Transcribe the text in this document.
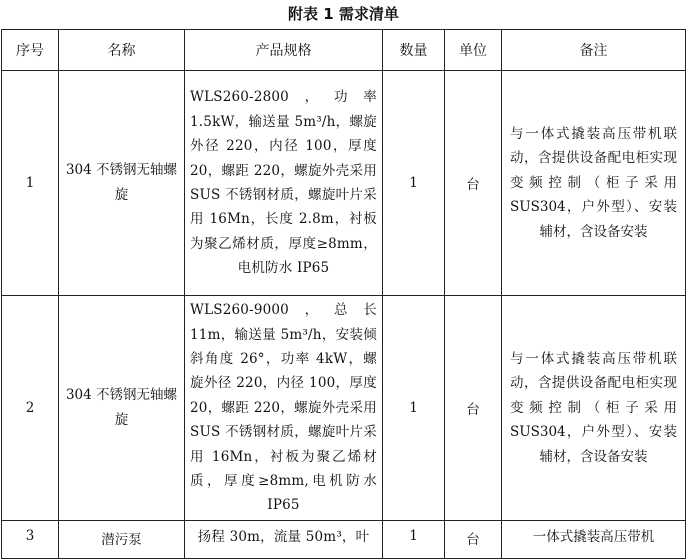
附表 1 需求清单
序号	名称	产品规格	数量	单位	备注
1	304 不锈钢无轴螺旋	WLS260-2800，功率 1.5kW，输送量 5m³/h，螺旋外径 220，内径 100，厚度 20，螺距 220，螺旋外壳采用 SUS 不锈钢材质，螺旋叶片采用 16Mn，长度 2.8m，衬板为聚乙烯材质，厚度≥8mm，电机防水 IP65	1	台	与一体式撬装高压带机联动，含提供设备配电柜实现变频控制（柜子采用 SUS304，户外型）、安装辅材，含设备安装
2	304 不锈钢无轴螺旋	WLS260-9000，总长 11m，输送量 5m³/h，安装倾斜角度 26°，功率 4kW，螺旋外径 220，内径 100，厚度 20，螺距 220，螺旋外壳采用 SUS 不锈钢材质，螺旋叶片采用 16Mn，衬板为聚乙烯材质，厚度≥8mm,电机防水 IP65	1	台	与一体式撬装高压带机联动，含提供设备配电柜实现变频控制（柜子采用 SUS304，户外型）、安装辅材，含设备安装
3	潜污泵	扬程 30m，流量 50m³，叶	1	台	一体式撬装高压带机
